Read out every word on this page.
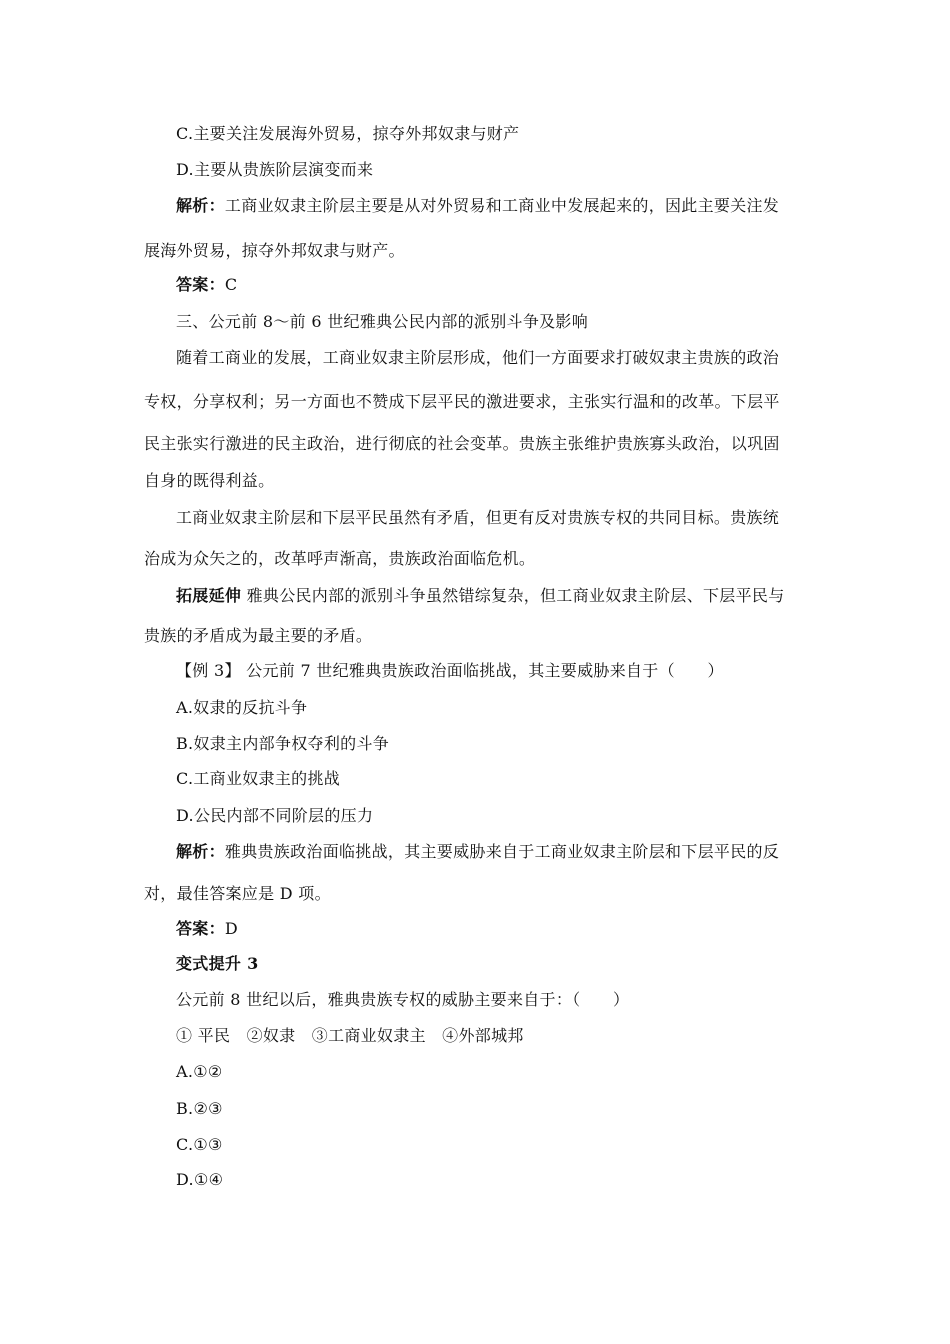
C.主要关注发展海外贸易，掠夺外邦奴隶与财产
D.主要从贵族阶层演变而来
解析：工商业奴隶主阶层主要是从对外贸易和工商业中发展起来的，因此主要关注发
展海外贸易，掠夺外邦奴隶与财产。
答案：C
三、公元前 8～前 6 世纪雅典公民内部的派别斗争及影响
随着工商业的发展，工商业奴隶主阶层形成，他们一方面要求打破奴隶主贵族的政治
专权，分享权利；另一方面也不赞成下层平民的激进要求，主张实行温和的改革。下层平
民主张实行激进的民主政治，进行彻底的社会变革。贵族主张维护贵族寡头政治，以巩固
自身的既得利益。
工商业奴隶主阶层和下层平民虽然有矛盾，但更有反对贵族专权的共同目标。贵族统
治成为众矢之的，改革呼声渐高，贵族政治面临危机。
拓展延伸 雅典公民内部的派别斗争虽然错综复杂，但工商业奴隶主阶层、下层平民与
贵族的矛盾成为最主要的矛盾。
【例 3】 公元前 7 世纪雅典贵族政治面临挑战，其主要威胁来自于（　　）
A.奴隶的反抗斗争
B.奴隶主内部争权夺利的斗争
C.工商业奴隶主的挑战
D.公民内部不同阶层的压力
解析：雅典贵族政治面临挑战，其主要威胁来自于工商业奴隶主阶层和下层平民的反
对，最佳答案应是 D 项。
答案：D
变式提升 3
公元前 8 世纪以后，雅典贵族专权的威胁主要来自于：（　　）
① 平民　②奴隶　③工商业奴隶主　④外部城邦
A.①②
B.②③
C.①③
D.①④
